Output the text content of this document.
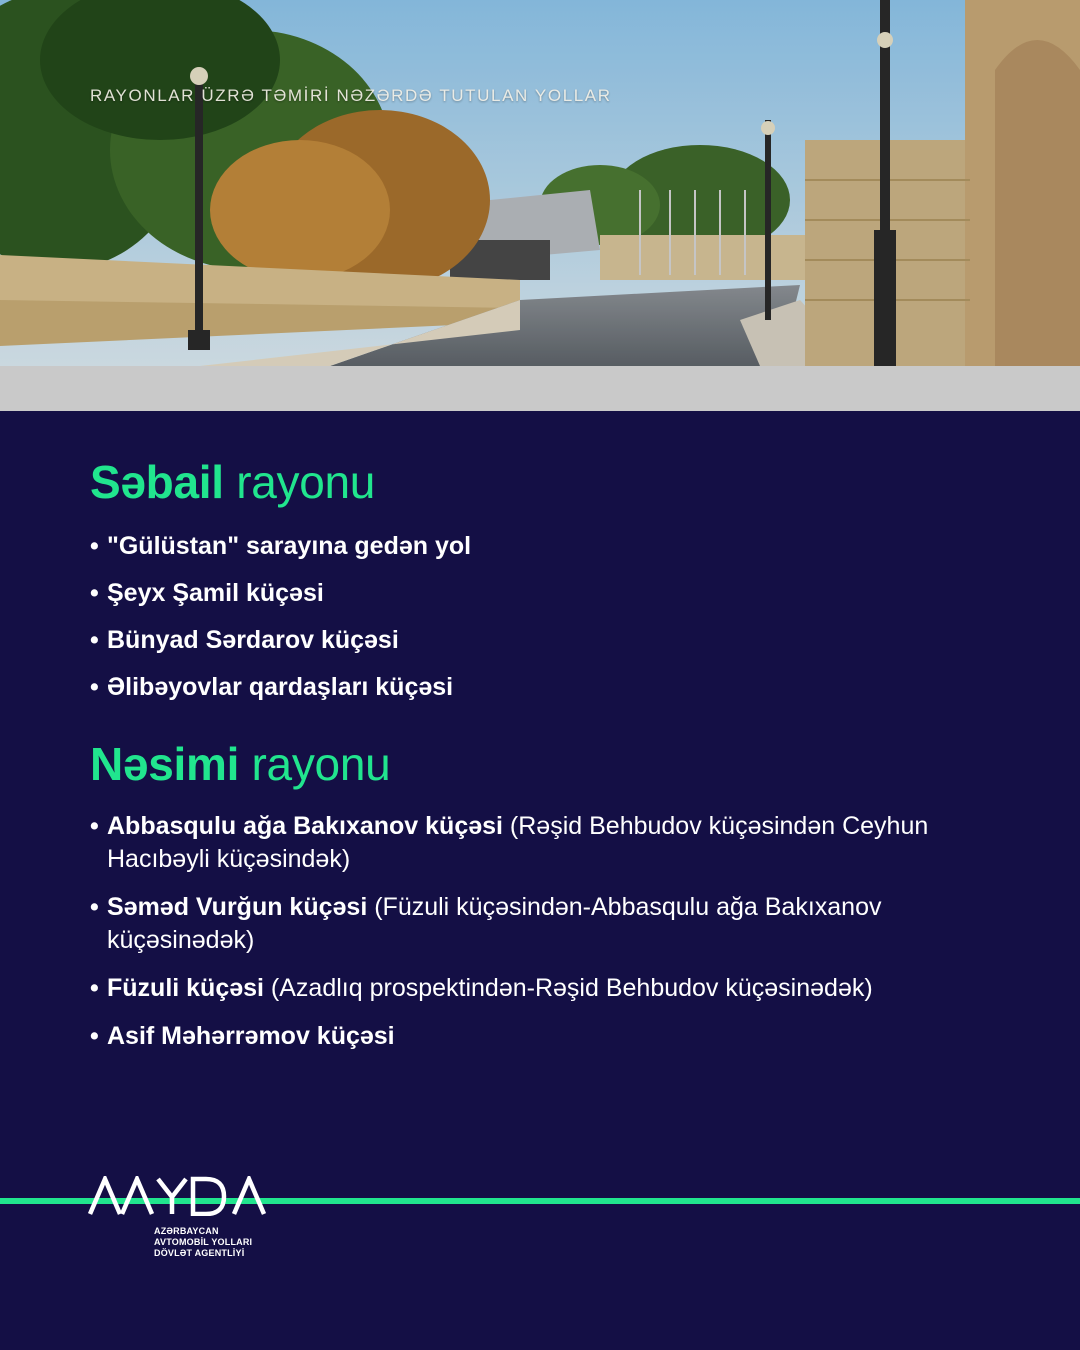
RAYONLAR ÜZRƏ TƏMİRİ NƏZƏRDƏ TUTULAN YOLLAR
Səbail rayonu
• "Gülüstan" sarayına gedən yol
• Şeyx Şamil küçəsi
• Bünyad Sərdarov küçəsi
• Əlibəyovlar qardaşları küçəsi
Nəsimi rayonu
• Abbasqulu ağa Bakıxanov küçəsi (Rəşid Behbudov küçəsindən Ceyhun Hacıbəyli küçəsindək)
• Səməd Vurğun küçəsi (Füzuli küçəsindən-Abbasqulu ağa Bakıxanov küçəsinədək)
• Füzuli küçəsi (Azadlıq prospektindən-Rəşid Behbudov küçəsinədək)
• Asif Məhərrəmov küçəsi
AZƏRBAYCAN
AVTOMOBİL YOLLARI
DÖVLƏT AGENTLİYİ
